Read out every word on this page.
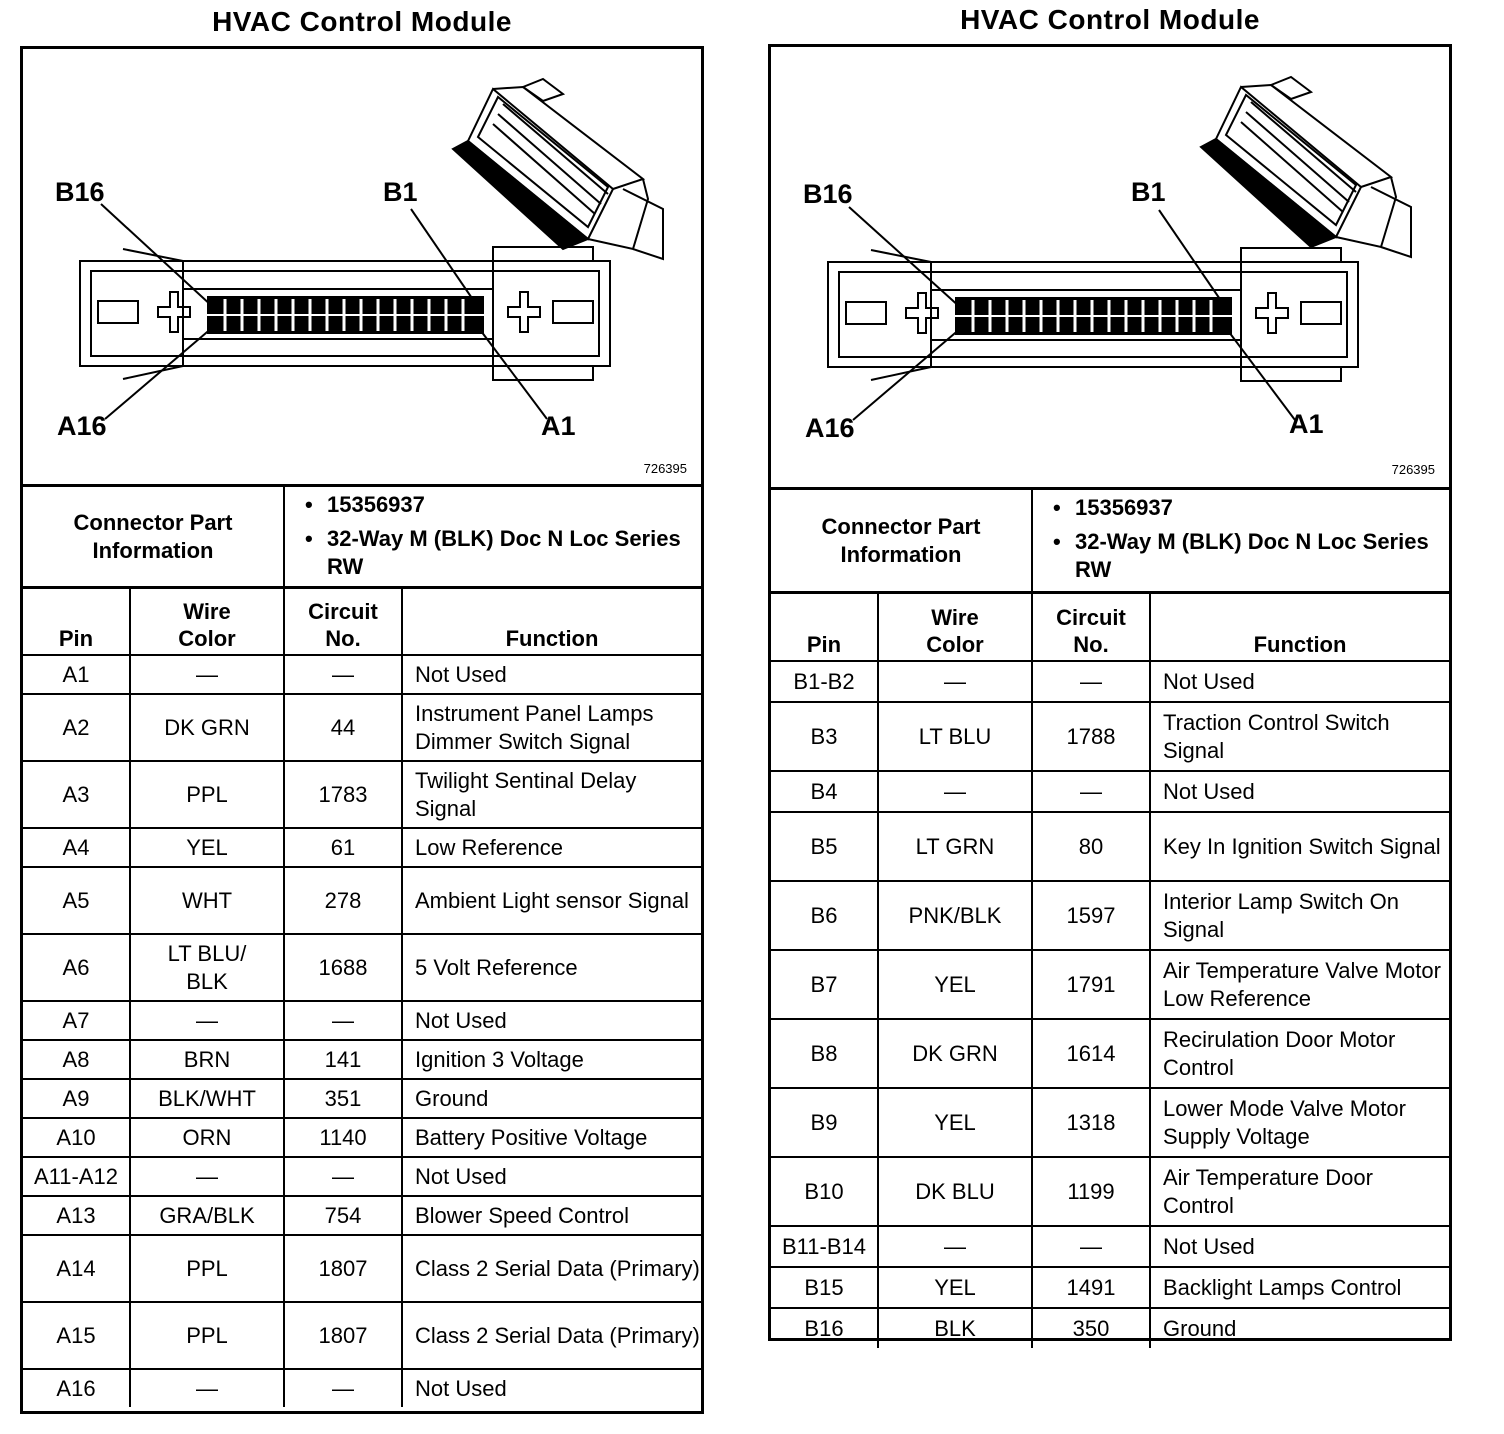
HVAC Control Module
B16	B1
A16	A1
726395
Connector Part Information
• 15356937
• 32-Way M (BLK) Doc N Loc Series RW
Pin	Wire Color	Circuit No.	Function
A1	—	—	Not Used
A2	DK GRN	44	Instrument Panel Lamps Dimmer Switch Signal
A3	PPL	1783	Twilight Sentinal Delay Signal
A4	YEL	61	Low Reference
A5	WHT	278	Ambient Light sensor Signal
A6	LT BLU/ BLK	1688	5 Volt Reference
A7	—	—	Not Used
A8	BRN	141	Ignition 3 Voltage
A9	BLK/WHT	351	Ground
A10	ORN	1140	Battery Positive Voltage
A11-A12	—	—	Not Used
A13	GRA/BLK	754	Blower Speed Control
A14	PPL	1807	Class 2 Serial Data (Primary)
A15	PPL	1807	Class 2 Serial Data (Primary)
A16	—	—	Not Used
HVAC Control Module
B16	B1
A16	A1
726395
Connector Part Information
• 15356937
• 32-Way M (BLK) Doc N Loc Series RW
Pin	Wire Color	Circuit No.	Function
B1-B2	—	—	Not Used
B3	LT BLU	1788	Traction Control Switch Signal
B4	—	—	Not Used
B5	LT GRN	80	Key In Ignition Switch Signal
B6	PNK/BLK	1597	Interior Lamp Switch On Signal
B7	YEL	1791	Air Temperature Valve Motor Low Reference
B8	DK GRN	1614	Recirulation Door Motor Control
B9	YEL	1318	Lower Mode Valve Motor Supply Voltage
B10	DK BLU	1199	Air Temperature Door Control
B11-B14	—	—	Not Used
B15	YEL	1491	Backlight Lamps Control
B16	BLK	350	Ground
